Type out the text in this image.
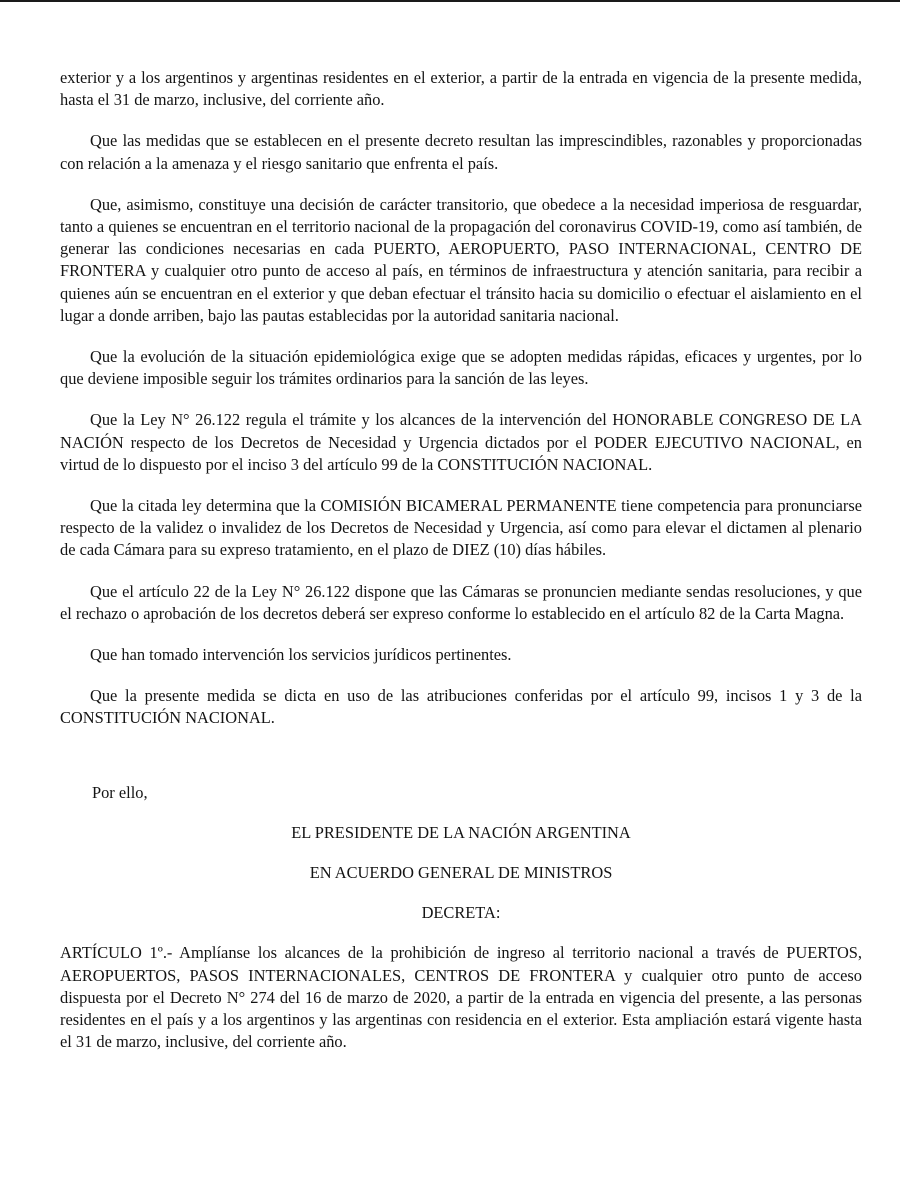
exterior y a los argentinos y argentinas residentes en el exterior, a partir de la entrada en vigencia de la presente medida, hasta el 31 de marzo, inclusive, del corriente año.

Que las medidas que se establecen en el presente decreto resultan las imprescindibles, razonables y proporcionadas con relación a la amenaza y el riesgo sanitario que enfrenta el país.

Que, asimismo, constituye una decisión de carácter transitorio, que obedece a la necesidad imperiosa de resguardar, tanto a quienes se encuentran en el territorio nacional de la propagación del coronavirus COVID-19, como así también, de generar las condiciones necesarias en cada PUERTO, AEROPUERTO, PASO INTERNACIONAL, CENTRO DE FRONTERA y cualquier otro punto de acceso al país, en términos de infraestructura y atención sanitaria, para recibir a quienes aún se encuentran en el exterior y que deban efectuar el tránsito hacia su domicilio o efectuar el aislamiento en el lugar a donde arriben, bajo las pautas establecidas por la autoridad sanitaria nacional.

Que la evolución de la situación epidemiológica exige que se adopten medidas rápidas, eficaces y urgentes, por lo que deviene imposible seguir los trámites ordinarios para la sanción de las leyes.

Que la Ley N° 26.122 regula el trámite y los alcances de la intervención del HONORABLE CONGRESO DE LA NACIÓN respecto de los Decretos de Necesidad y Urgencia dictados por el PODER EJECUTIVO NACIONAL, en virtud de lo dispuesto por el inciso 3 del artículo 99 de la CONSTITUCIÓN NACIONAL.

Que la citada ley determina que la COMISIÓN BICAMERAL PERMANENTE tiene competencia para pronunciarse respecto de la validez o invalidez de los Decretos de Necesidad y Urgencia, así como para elevar el dictamen al plenario de cada Cámara para su expreso tratamiento, en el plazo de DIEZ (10) días hábiles.

Que el artículo 22 de la Ley N° 26.122 dispone que las Cámaras se pronuncien mediante sendas resoluciones, y que el rechazo o aprobación de los decretos deberá ser expreso conforme lo establecido en el artículo 82 de la Carta Magna.

Que han tomado intervención los servicios jurídicos pertinentes.

Que la presente medida se dicta en uso de las atribuciones conferidas por el artículo 99, incisos 1 y 3 de la CONSTITUCIÓN NACIONAL.

Por ello,

EL PRESIDENTE DE LA NACIÓN ARGENTINA

EN ACUERDO GENERAL DE MINISTROS

DECRETA:

ARTÍCULO 1º.- Amplíanse los alcances de la prohibición de ingreso al territorio nacional a través de PUERTOS, AEROPUERTOS, PASOS INTERNACIONALES, CENTROS DE FRONTERA y cualquier otro punto de acceso dispuesta por el Decreto N° 274 del 16 de marzo de 2020, a partir de la entrada en vigencia del presente, a las personas residentes en el país y a los argentinos y las argentinas con residencia en el exterior. Esta ampliación estará vigente hasta el 31 de marzo, inclusive, del corriente año.
